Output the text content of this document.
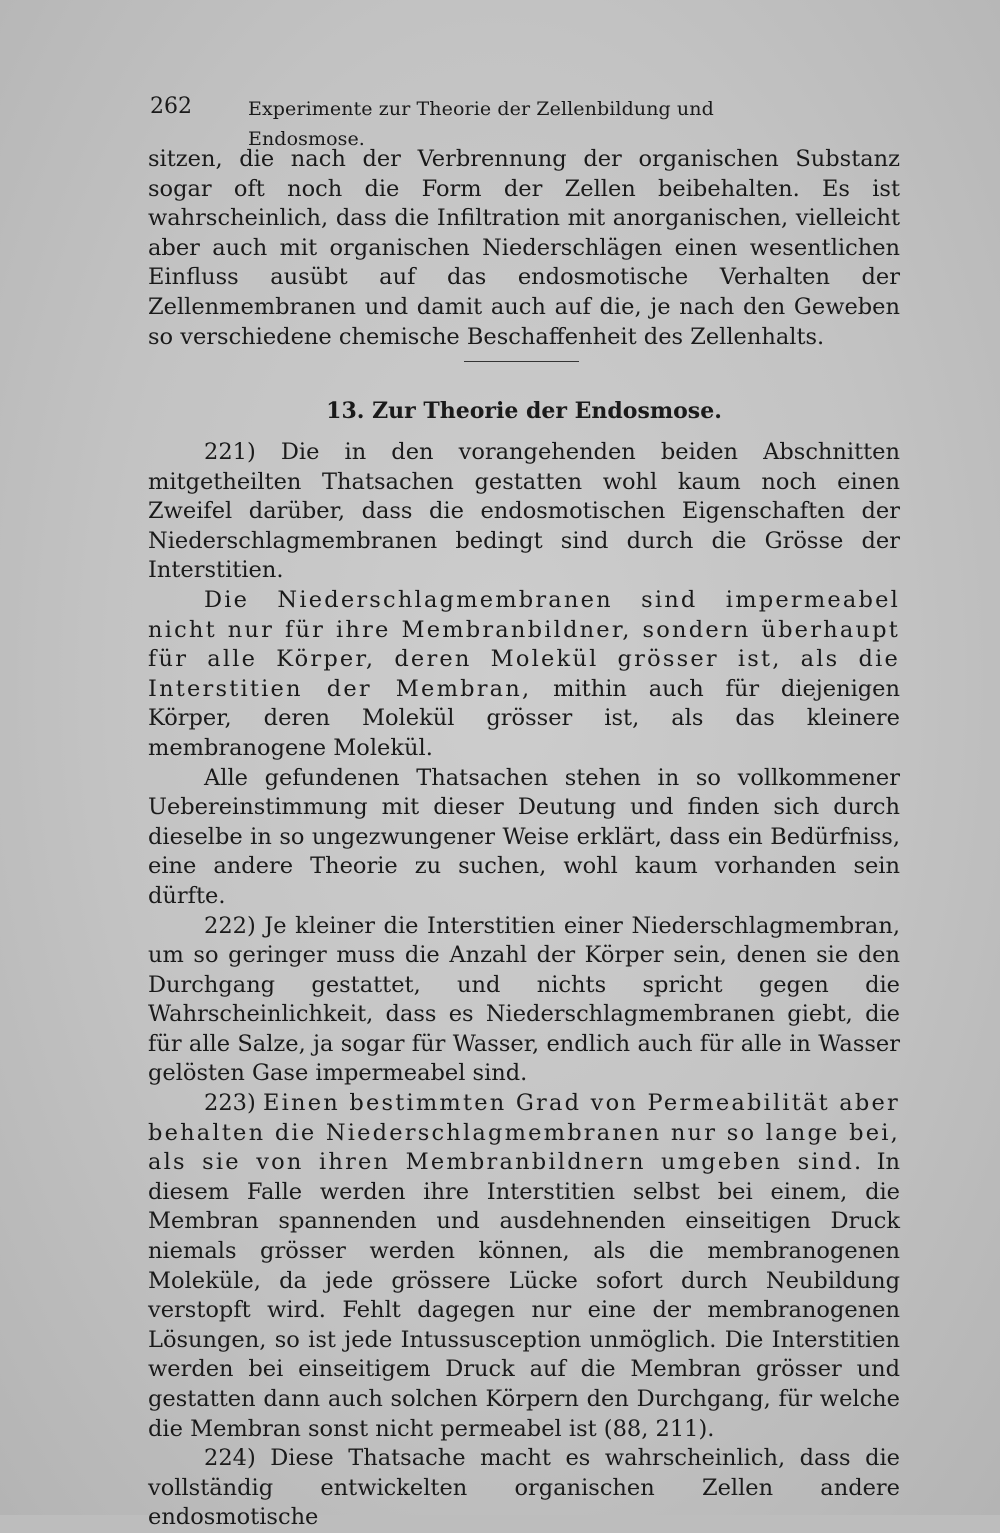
262	Experimente zur Theorie der Zellenbildung und Endosmose.

sitzen, die nach der Verbrennung der organischen Substanz sogar oft noch die Form der Zellen beibehalten. Es ist wahrscheinlich, dass die Infiltration mit anorganischen, vielleicht aber auch mit organischen Niederschlägen einen wesentlichen Einfluss ausübt auf das endosmotische Verhalten der Zellenmembranen und damit auch auf die, je nach den Geweben so verschiedene chemische Beschaffenheit des Zellenhalts.

13. Zur Theorie der Endosmose.

221) Die in den vorangehenden beiden Abschnitten mitgetheilten Thatsachen gestatten wohl kaum noch einen Zweifel darüber, dass die endosmotischen Eigenschaften der Niederschlagmembranen bedingt sind durch die Grösse der Interstitien.

Die Niederschlagmembranen sind impermeabel nicht nur für ihre Membranbildner, sondern überhaupt für alle Körper, deren Molekül grösser ist, als die Interstitien der Membran, mithin auch für diejenigen Körper, deren Molekül grösser ist, als das kleinere membranogene Molekül.

Alle gefundenen Thatsachen stehen in so vollkommener Uebereinstimmung mit dieser Deutung und finden sich durch dieselbe in so ungezwungener Weise erklärt, dass ein Bedürfniss, eine andere Theorie zu suchen, wohl kaum vorhanden sein dürfte.

222) Je kleiner die Interstitien einer Niederschlagmembran, um so geringer muss die Anzahl der Körper sein, denen sie den Durchgang gestattet, und nichts spricht gegen die Wahrscheinlichkeit, dass es Niederschlagmembranen giebt, die für alle Salze, ja sogar für Wasser, endlich auch für alle in Wasser gelösten Gase impermeabel sind.

223) Einen bestimmten Grad von Permeabilität aber behalten die Niederschlagmembranen nur so lange bei, als sie von ihren Membranbildnern umgeben sind. In diesem Falle werden ihre Interstitien selbst bei einem, die Membran spannenden und ausdehnenden einseitigen Druck niemals grösser werden können, als die membranogenen Moleküle, da jede grössere Lücke sofort durch Neubildung verstopft wird. Fehlt dagegen nur eine der membranogenen Lösungen, so ist jede Intussusception unmöglich. Die Interstitien werden bei einseitigem Druck auf die Membran grösser und gestatten dann auch solchen Körpern den Durchgang, für welche die Membran sonst nicht permeabel ist (88, 211).

224) Diese Thatsache macht es wahrscheinlich, dass die vollständig entwickelten organischen Zellen andere endosmotische
